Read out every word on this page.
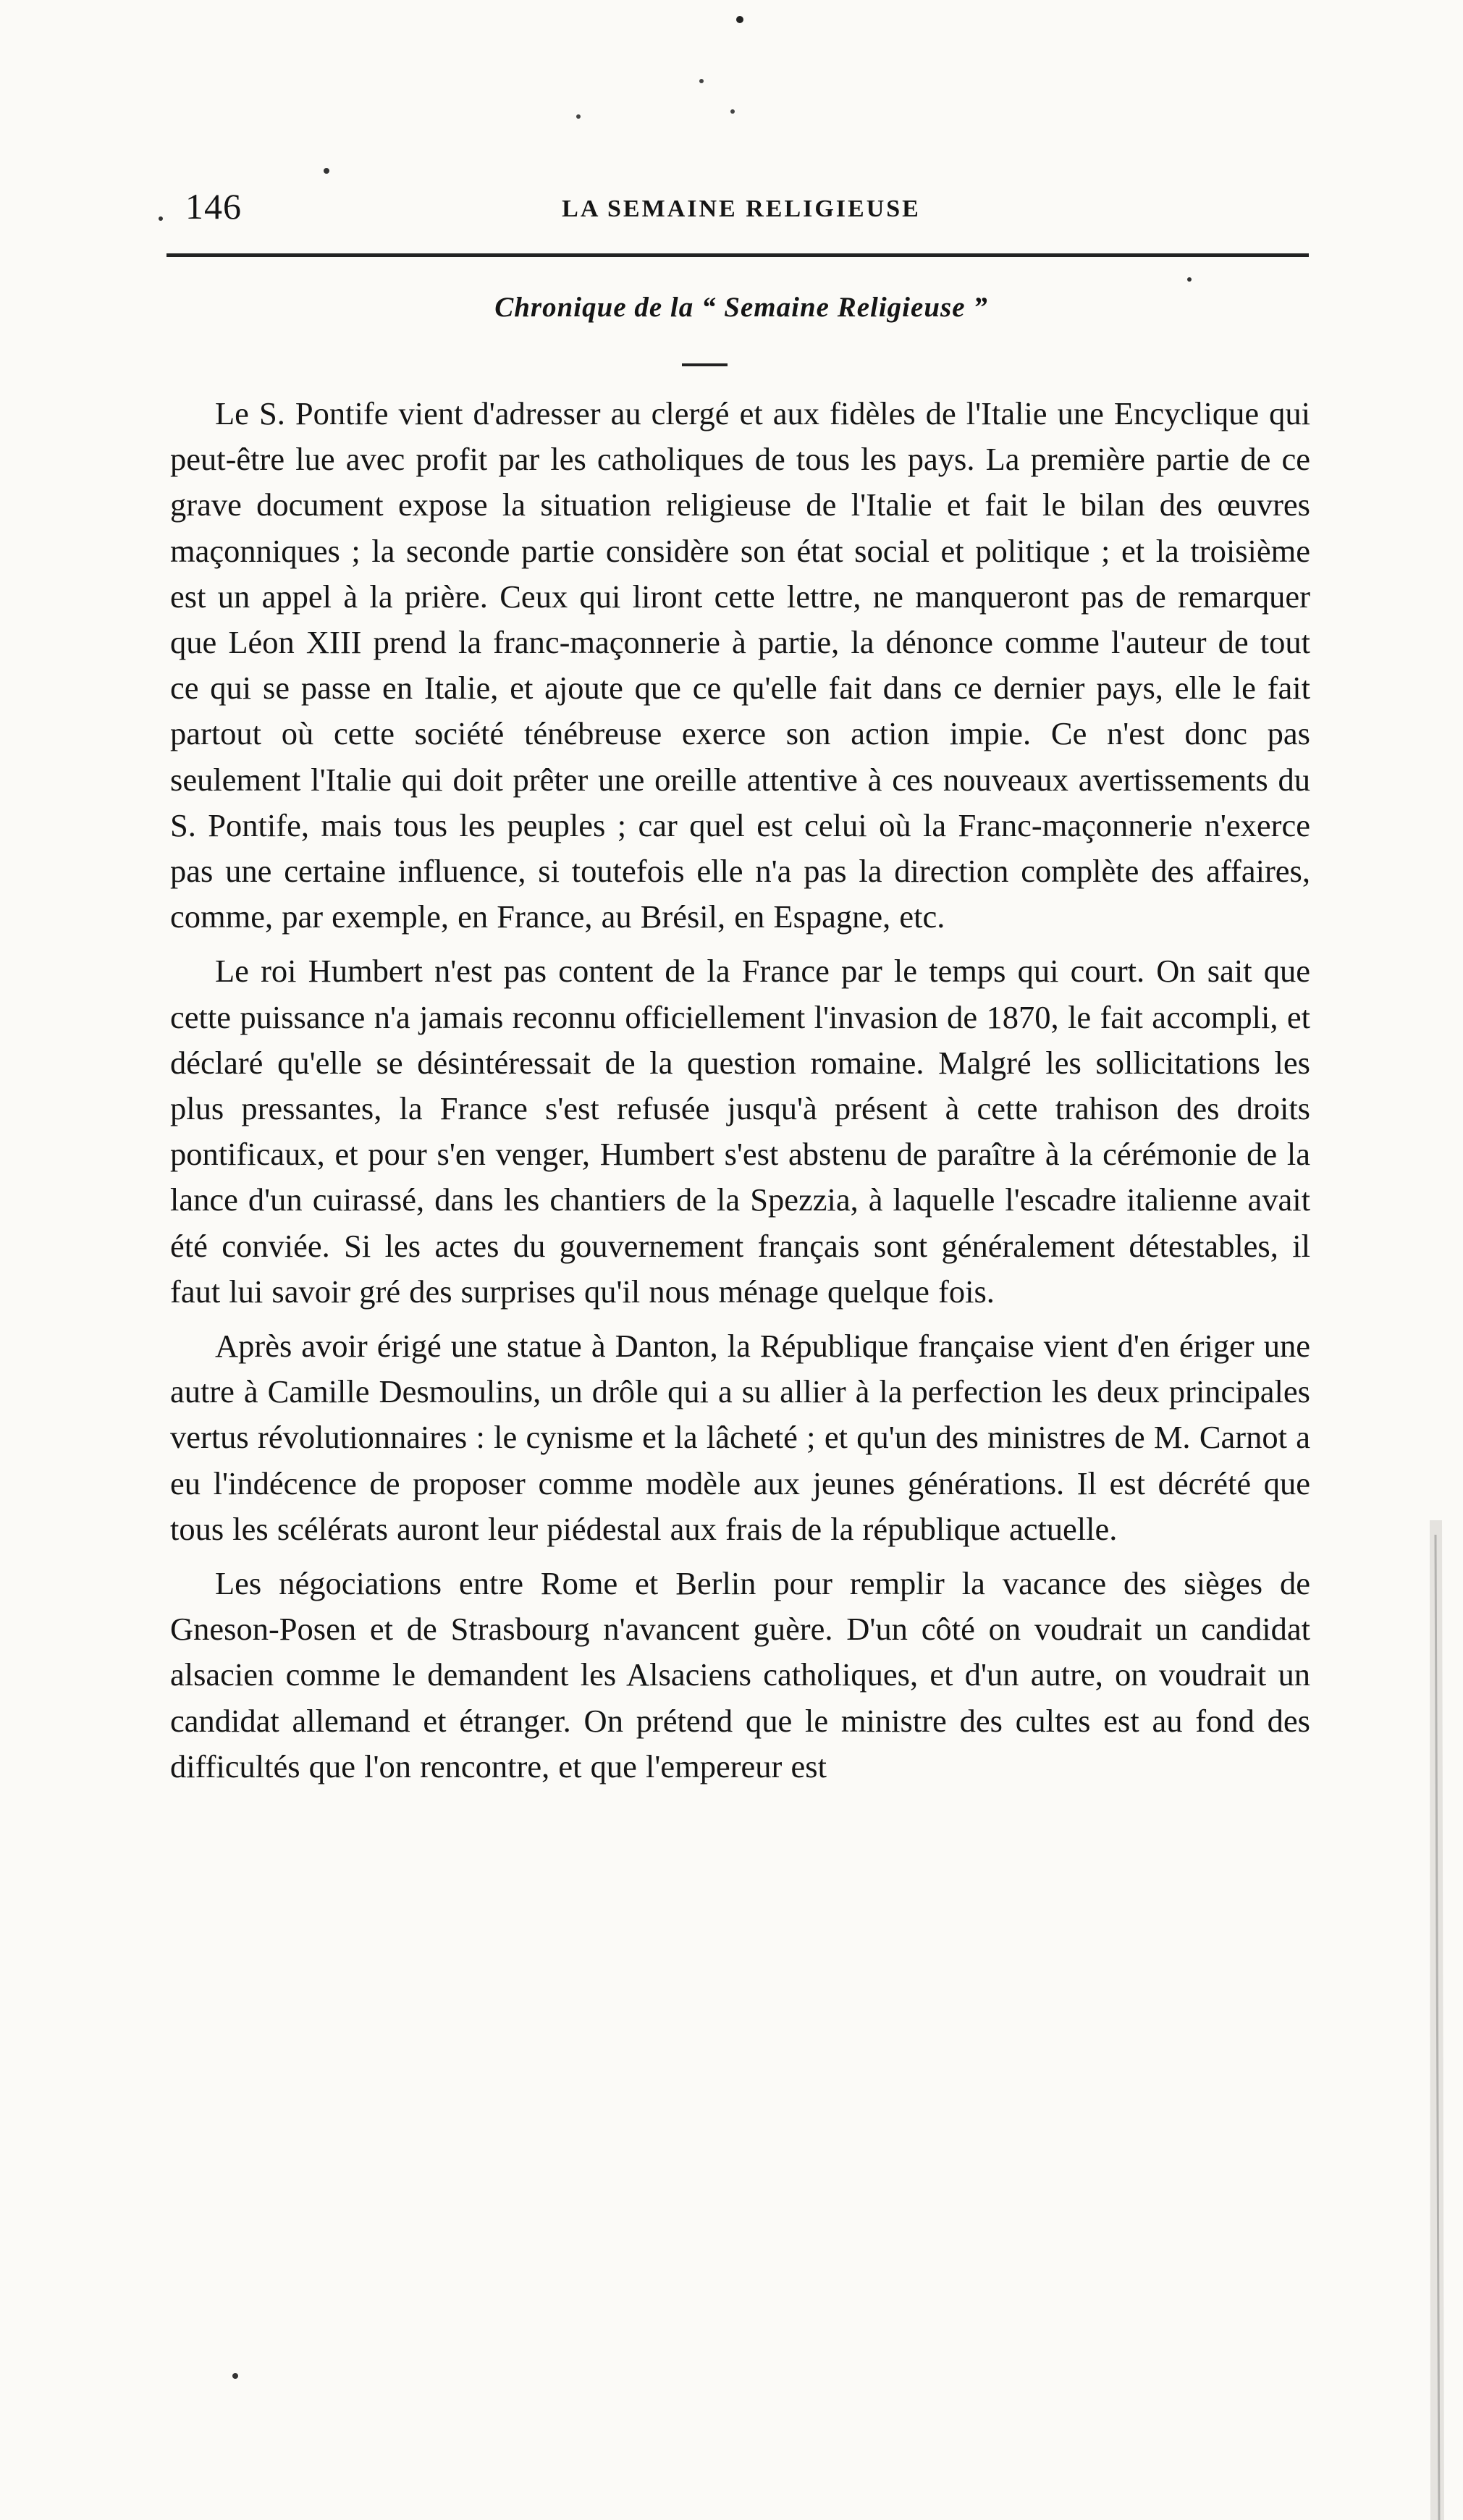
146	LA SEMAINE RELIGIEUSE
Chronique de la “ Semaine Religieuse ”

Le S. Pontife vient d'adresser au clergé et aux fidèles de l'Italie une Encyclique qui peut-être lue avec profit par les catholiques de tous les pays. La première partie de ce grave document expose la situation religieuse de l'Italie et fait le bilan des œuvres maçonniques ; la seconde partie considère son état social et politique ; et la troisième est un appel à la prière. Ceux qui liront cette lettre, ne manqueront pas de remarquer que Léon XIII prend la franc-maçonnerie à partie, la dénonce comme l'auteur de tout ce qui se passe en Italie, et ajoute que ce qu'elle fait dans ce dernier pays, elle le fait partout où cette société ténébreuse exerce son action impie. Ce n'est donc pas seulement l'Italie qui doit prêter une oreille attentive à ces nouveaux avertissements du S. Pontife, mais tous les peuples ; car quel est celui où la Franc-maçonnerie n'exerce pas une certaine influence, si toutefois elle n'a pas la direction complète des affaires, comme, par exemple, en France, au Brésil, en Espagne, etc.

Le roi Humbert n'est pas content de la France par le temps qui court. On sait que cette puissance n'a jamais reconnu officiellement l'invasion de 1870, le fait accompli, et déclaré qu'elle se désintéressait de la question romaine. Malgré les sollicitations les plus pressantes, la France s'est refusée jusqu'à présent à cette trahison des droits pontificaux, et pour s'en venger, Humbert s'est abstenu de paraître à la cérémonie de la lance d'un cuirassé, dans les chantiers de la Spezzia, à laquelle l'escadre italienne avait été conviée. Si les actes du gouvernement français sont généralement détestables, il faut lui savoir gré des surprises qu'il nous ménage quelque fois.

Après avoir érigé une statue à Danton, la République française vient d'en ériger une autre à Camille Desmoulins, un drôle qui a su allier à la perfection les deux principales vertus révolutionnaires : le cynisme et la lâcheté ; et qu'un des ministres de M. Carnot a eu l'indécence de proposer comme modèle aux jeunes générations. Il est décrété que tous les scélérats auront leur piédestal aux frais de la république actuelle.

Les négociations entre Rome et Berlin pour remplir la vacance des sièges de Gneson-Posen et de Strasbourg n'avancent guère. D'un côté on voudrait un candidat alsacien comme le demandent les Alsaciens catholiques, et d'un autre, on voudrait un candidat allemand et étranger. On prétend que le ministre des cultes est au fond des difficultés que l'on rencontre, et que l'empereur est
